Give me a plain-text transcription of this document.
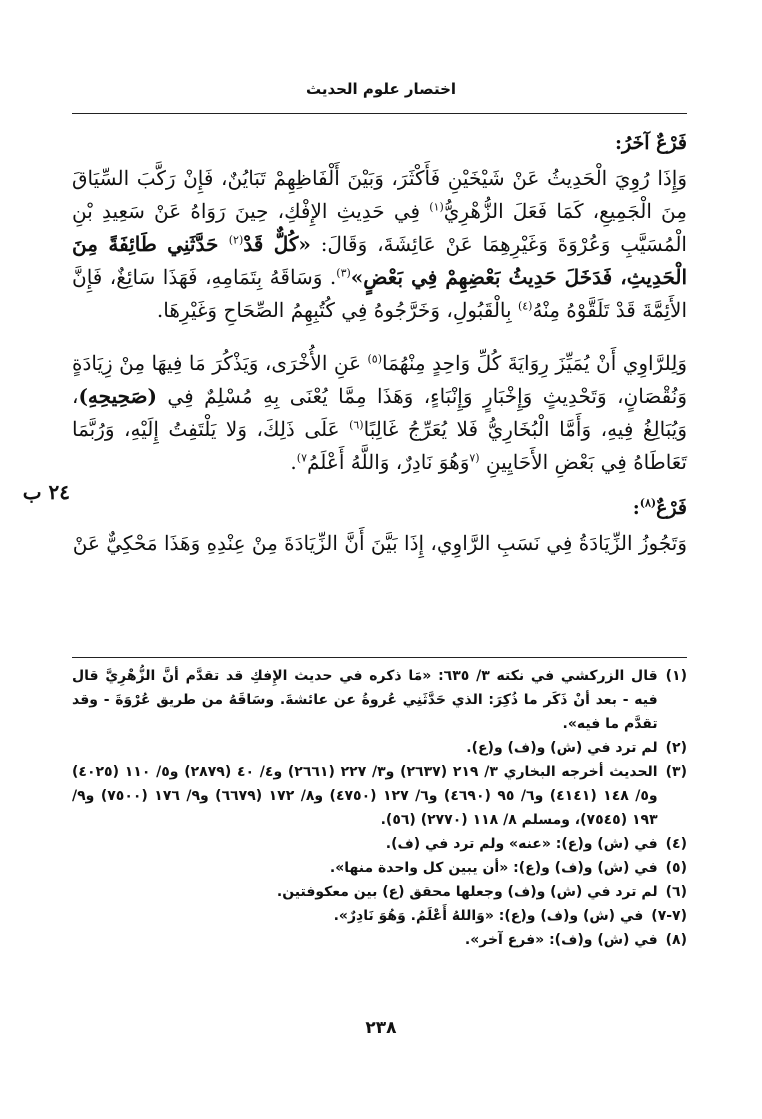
اختصار علوم الحديث
٢٤ ب
فَرْعٌ آخَرُ:

وَإِذَا رُوِيَ الْحَدِيثُ عَنْ شَيْخَيْنِ فَأَكْثَرَ، وَبَيْنَ أَلْفَاظِهِمْ تَبَايُنٌ، فَإِنْ رَكَّبَ السِّيَاقَ مِنَ الْجَمِيعِ، كَمَا فَعَلَ الزُّهْرِيُّ$^{(١)}$ فِي حَدِيثِ الإِفْكِ، حِينَ رَوَاهُ عَنْ سَعِيدِ بْنِ الْمُسَيَّبِ وَعُرْوَةَ وَغَيْرِهِمَا عَنْ عَائِشَةَ، وَقَالَ: «كُلٌّ قَدْ$^{(٢)}$ حَدَّثَنِي طَائِفَةً مِنَ الْحَدِيثِ، فَدَخَلَ حَدِيثُ بَعْضِهِمْ فِي بَعْضٍ»$^{(٣)}$. وَسَاقَهُ بِتَمَامِهِ، فَهَذَا سَائِغٌ، فَإِنَّ الأَئِمَّةَ قَدْ تَلَقَّوْهُ مِنْهُ$^{(٤)}$ بِالْقَبُولِ، وَخَرَّجُوهُ فِي كُتُبِهِمُ الصِّحَاحِ وَغَيْرِهَا.

وَلِلرَّاوِي أَنْ يُمَيِّزَ رِوَايَةَ كُلِّ وَاحِدٍ مِنْهُمَا$^{(٥)}$ عَنِ الأُخْرَى، وَيَذْكُرَ مَا فِيهَا مِنْ زِيَادَةٍ وَنُقْصَانٍ، وَتَحْدِيثٍ وَإِخْبَارٍ وَإِنْبَاءٍ، وَهَذَا مِمَّا يُعْنَى بِهِ مُسْلِمٌ فِي (صَحِيحِهِ)، وَيُبَالِغُ فِيهِ، وَأَمَّا الْبُخَارِيُّ فَلا يُعَرِّجُ غَالِبًا$^{(٦)}$ عَلَى ذَلِكَ، وَلا يَلْتَفِتُ إِلَيْهِ، وَرُبَّمَا تَعَاطَاهُ فِي بَعْضِ الأَحَايِينِ $^{(٧}$وَهُوَ نَادِرٌ، وَاللَّهُ أَعْلَمُ$^{٧)}$.

فَرْعٌ$^{(٨)}$:

وَتَجُوزُ الزِّيَادَةُ فِي نَسَبِ الرَّاوِي، إِذَا بَيَّنَ أَنَّ الزِّيَادَةَ مِنْ عِنْدِهِ وَهَذَا مَحْكِيٌّ عَنْ

(١)
قال الزركشي في نكته ٣/ ٦٣٥: «مَا ذكره في حديث الإِفكِ قد تقدَّم أنَّ الزُّهْرِيَّ قال فيه - بعد أنْ ذَكَر ما ذُكِرَ: الذي حَدَّثَنِي عُروةُ عن عائشةَ. وسَاقَهُ من طريق عُرْوَةَ - وقد تقدَّم ما فيه».
(٢)
لم ترد في (ش) و(ف) و(ع).
(٣)
الحديث أخرجه البخاري ٣/ ٢١٩ (٢٦٣٧) و٣/ ٢٢٧ (٢٦٦١) و٤/ ٤٠ (٢٨٧٩) و٥/ ١١٠ (٤٠٢٥) و٥/ ١٤٨ (٤١٤١) و٦/ ٩٥ (٤٦٩٠) و٦/ ١٢٧ (٤٧٥٠) و٨/ ١٧٢ (٦٦٧٩) و٩/ ١٧٦ (٧٥٠٠) و٩/ ١٩٣ (٧٥٤٥)، ومسلم ٨/ ١١٨ (٢٧٧٠) (٥٦).
(٤)
في (ش) و(ع): «عنه» ولم ترد في (ف).
(٥)
في (ش) و(ف) و(ع): «أن يبين كل واحدة منها».
(٦)
لم ترد في (ش) و(ف) وجعلها محقق (ع) بين معكوفتين.
(٧-٧)
في (ش) و(ف) و(ع): «وَاللهُ أَعْلَمُ. وَهُوَ نَادِرٌ».
(٨)
في (ش) و(ف): «فرع آخر».
٢٣٨
